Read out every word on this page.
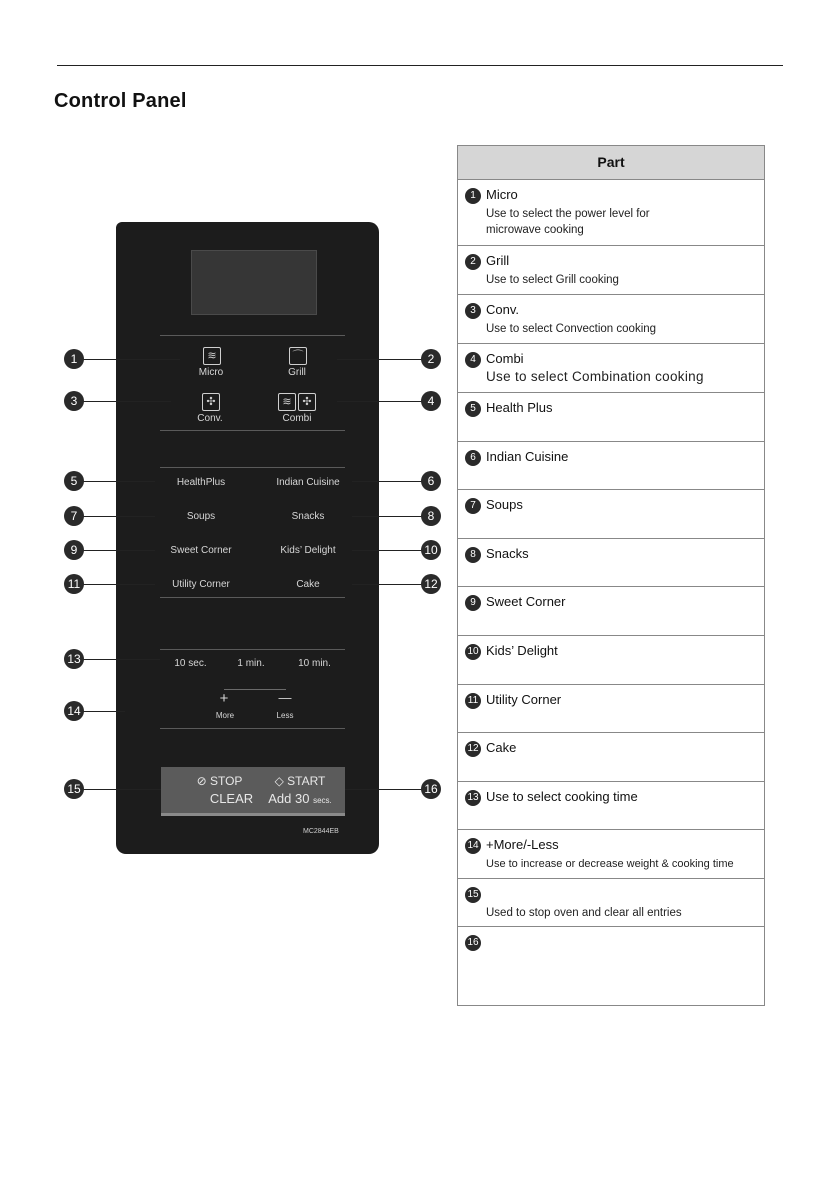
Control Panel
≋
Micro
⌒
Grill
✣
Conv.
≋ ✣
Combi
HealthPlus	Indian Cuisine
Soups	Snacks
Sweet Corner	Kids’ Delight
Utility Corner	Cake
10 sec.	1 min.	10 min.
+	—
More	Less
⊘ STOP
CLEAR
◇ START
Add 30 secs.
MC2844EB
1	2
3	4
5	6
7	8
9	10
11	12
13
14
15	16
Part
1 Micro
Use to select the power level for microwave cooking
2 Grill
Use to select Grill cooking
3 Conv.
Use to select Convection cooking
4 Combi
Use to select Combination cooking
5 Health Plus
6 Indian Cuisine
7 Soups
8 Snacks
9 Sweet Corner
10 Kids’ Delight
11 Utility Corner
12 Cake
13 Use to select cooking time
14 +More/-Less
Use to increase or decrease weight & cooking time
15
Used to stop oven and clear all entries
16
